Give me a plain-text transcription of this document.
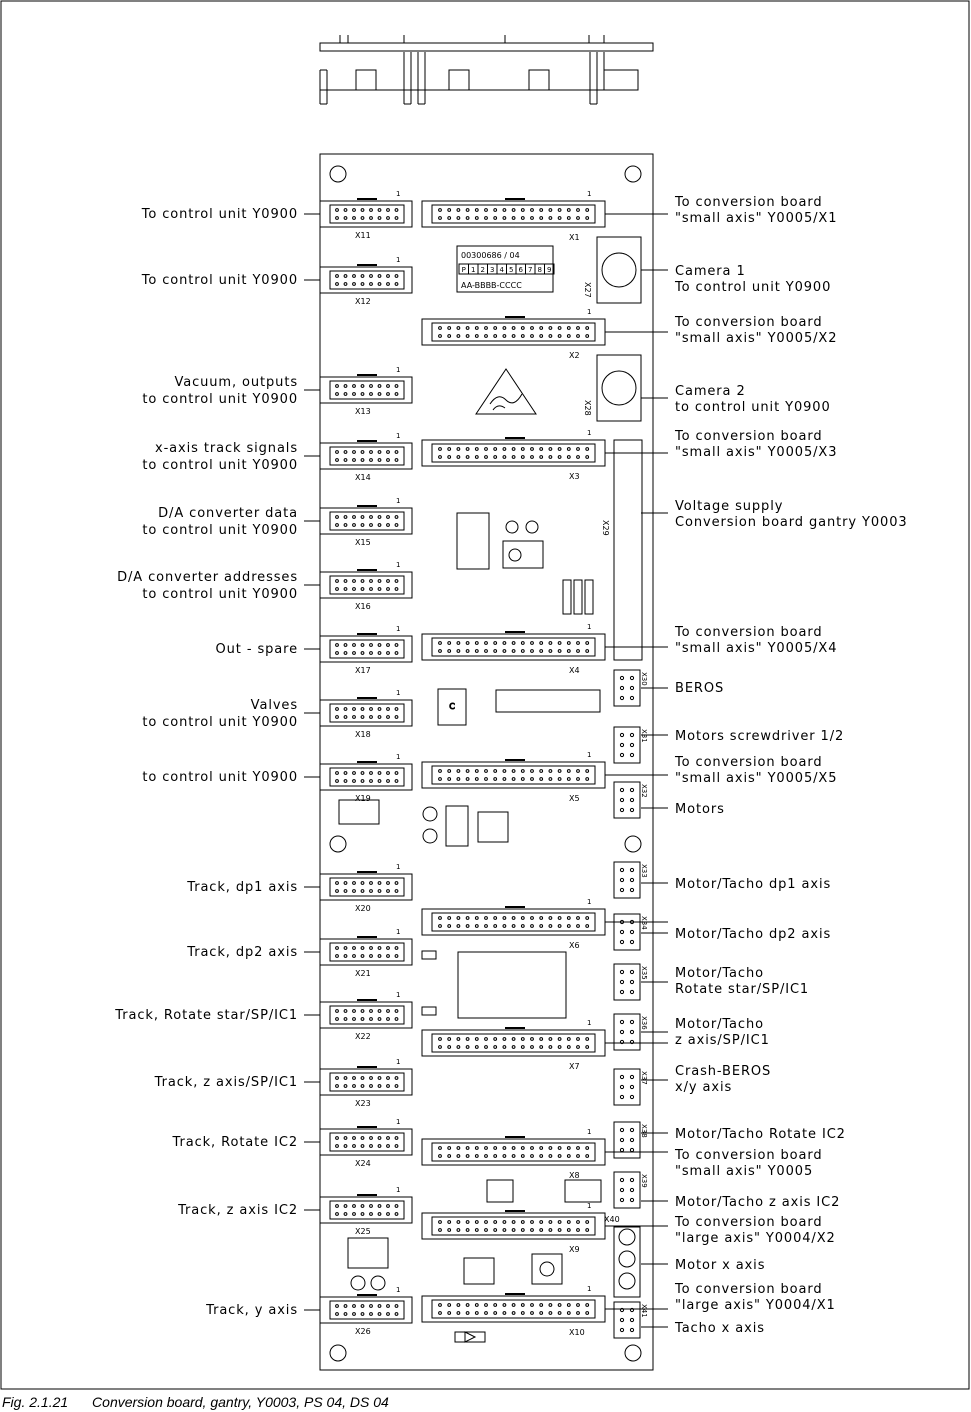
00300686 / 04
P 1 2 3 4 5 6 7 8 9
AA-BBBB-CCCC
C
1
X11
1
X12
1
X13
1
X14
1
X15
1
X16
1
X17
1
X18
1
X19
1
X20
1
X21
1
X22
1
X23
1
X24
1
X25
1
X26
1
X1
1
X2
1
X3
1
X4
1
X5
1
X6
1
X7
1
X8
1
X9
1
X10
X30
X31
X32
X33
X34
X35
X36
X37
X38
X39
X41
X27
X28
X29
X40
To control unit Y0900
To control unit Y0900
Vacuum, outputs
to control unit Y0900
x-axis track signals
to control unit Y0900
D/A converter data
to control unit Y0900
D/A converter addresses
to control unit Y0900
Out - spare
Valves
to control unit Y0900
to control unit Y0900
Track, dp1 axis
Track, dp2 axis
Track, Rotate star/SP/IC1
Track, z axis/SP/IC1
Track, Rotate IC2
Track, z axis IC2
Track, y axis
To conversion board
"small axis" Y0005/X1
Camera 1
To control unit Y0900
To conversion board
"small axis" Y0005/X2
Camera 2
to control unit Y0900
To conversion board
"small axis" Y0005/X3
Voltage supply
Conversion board gantry Y0003
To conversion board
"small axis" Y0005/X4
BEROS
Motors screwdriver 1/2
To conversion board
"small axis" Y0005/X5
Motors
Motor/Tacho dp1 axis
Motor/Tacho dp2 axis
Motor/Tacho
Rotate star/SP/IC1
Motor/Tacho
z axis/SP/IC1
Crash-BEROS
x/y axis
Motor/Tacho Rotate IC2
To conversion board
"small axis" Y0005
Motor/Tacho z axis IC2
To conversion board
"large axis" Y0004/X2
Motor x axis
To conversion board
"large axis" Y0004/X1
Tacho x axis
Fig. 2.1.21 Conversion board, gantry, Y0003, PS 04, DS 04
